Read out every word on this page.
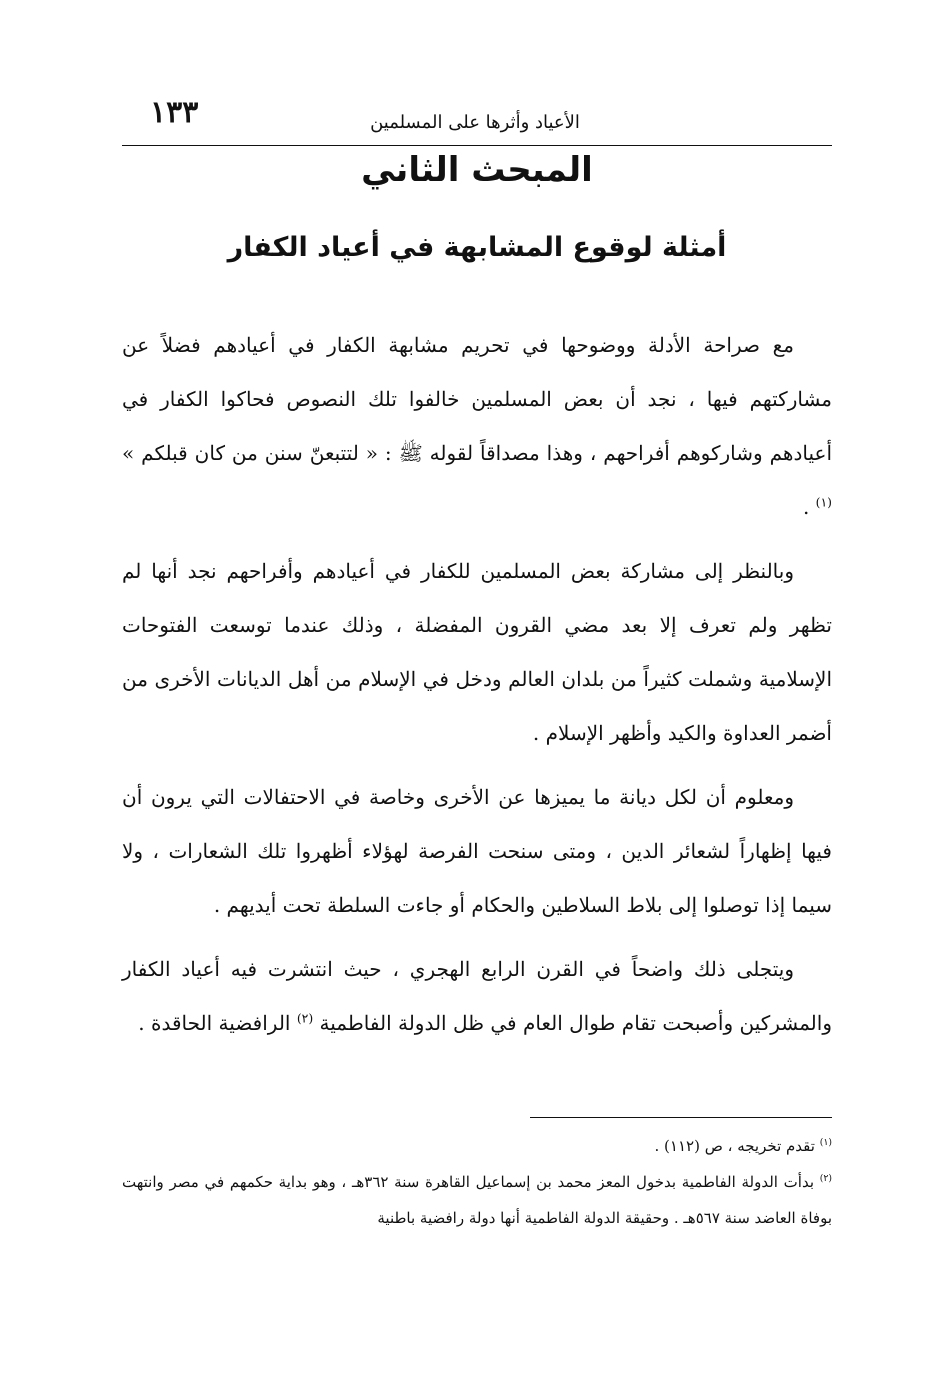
١٣٣	الأعياد وأثرها على المسلمين
المبحث الثاني
أمثلة لوقوع المشابهة في أعياد الكفار

مع صراحة الأدلة ووضوحها في تحريم مشابهة الكفار في أعيادهم فضلاً عن مشاركتهم فيها ، نجد أن بعض المسلمين خالفوا تلك النصوص فحاكوا الكفار في أعيادهم وشاركوهم أفراحهم ، وهذا مصداقاً لقوله ﷺ : « لتتبعنّ سنن من كان قبلكم » $^{(١)}$ .

وبالنظر إلى مشاركة بعض المسلمين للكفار في أعيادهم وأفراحهم نجد أنها لم تظهر ولم تعرف إلا بعد مضي القرون المفضلة ، وذلك عندما توسعت الفتوحات الإسلامية وشملت كثيراً من بلدان العالم ودخل في الإسلام من أهل الديانات الأخرى من أضمر العداوة والكيد وأظهر الإسلام .

ومعلوم أن لكل ديانة ما يميزها عن الأخرى وخاصة في الاحتفالات التي يرون أن فيها إظهاراً لشعائر الدين ، ومتى سنحت الفرصة لهؤلاء أظهروا تلك الشعارات ، ولا سيما إذا توصلوا إلى بلاط السلاطين والحكام أو جاءت السلطة تحت أيديهم .

ويتجلى ذلك واضحاً في القرن الرابع الهجري ، حيث انتشرت فيه أعياد الكفار والمشركين وأصبحت تقام طوال العام في ظل الدولة الفاطمية $^{(٢)}$ الرافضية الحاقدة .

$^{(١)}$ تقدم تخريجه ، ص (١١٢) .
$^{(٢)}$ بدأت الدولة الفاطمية بدخول المعز محمد بن إسماعيل القاهرة سنة ٣٦٢هـ ، وهو بداية حكمهم في مصر وانتهت بوفاة العاضد سنة ٥٦٧هـ . وحقيقة الدولة الفاطمية أنها دولة رافضية باطنية
